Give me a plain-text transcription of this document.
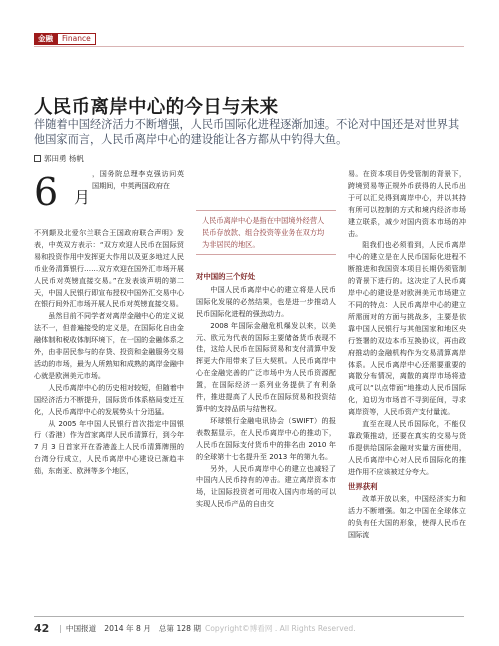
金融	Finance
人民币离岸中心的今日与未来

伴随着中国经济活力不断增强，人民币国际化进程逐渐加速。不论对中国还是对世界其他国家而言，人民币离岸中心的建设能让各方都从中钓得大鱼。

郭田勇 杨帆
6 月
，国务院总理李克强访问英国期间，中英两国政府在

不列颠及北爱尔兰联合王国政府联合声明》发表，中英双方表示：“双方欢迎人民币在国际贸易和投资作用中发挥更大作用以及更多地过人民币业务清算银行……双方欢迎在国外汇市场开展人民币对英镑直接交易。”在发表该声明的第二天，中国人民银行即宣布授权中国外汇交易中心在银行间外汇市场开展人民币对英镑直接交易。

虽然目前不同学者对离岸金融中心的定义说法不一，但普遍接受的定义是，在国际化自由金融体制和税收体制环境下，在一国的金融体系之外，由非居民参与的存贷、投资和金融服务交易活动的市场，最为人所熟知和成熟的离岸金融中心就是欧洲美元市场。

人民币离岸中心的历史相对较短，但随着中国经济活力不断提升，国际货币体系格局变迁互化，人民币离岸中心的发展势头十分迅猛。

从 2005 年中国人民银行首次指定中国银行（香港）作为首家离岸人民币清算行，到今年 7 月 3 日首家开在香港盖上人民币清算牌照的台湾分行成立，人民币离岸中心建设已渐趋丰茄，东南亚、欧洲等多个地区，

人民币离岸中心是指在中国境外经营人民币存放款、组合投资等业务在双方均为非居民的地区。
对中国的三个好处

中国人民币离岸中心的建立将是人民币国际化发展的必然结果，也是进一步推动人民币国际化进程的强劲动力。

2008 年国际金融危机爆发以来，以美元、欧元为代表的国际主要储备货币表现不佳，这给人民币在国际贸易和支付清算中发挥更大作用带来了巨大契机。人民币离岸中心在金融完善的广泛市场中为人民币资源配置，在国际经济一系列业务提供了有利条件，推进提高了人民币在国际贸易和投资结算中的支持品质与结售权。

环球银行金融电讯协会（SWIFT）的报表数据显示，在人民币离岸中心的推动下，人民币在国际支付货币中的排名由 2010 年的全球第十七名提升至 2013 年的第九名。

另外，人民币离岸中心的建立也减轻了中国内人民币持有的冲击。建立离岸资本市场，让国际投资者可用收入国内市场的可以实现人民币产品的自由交

易。在资本项目仍受管制的背景下，跨境贸易等正规外币获得的人民币出于可以汇兑得到离岸中心，并以其持有所可以控制的方式和境内经济市场建立联系，减少对国内资本市场的冲击。

阻我们也必须看到，人民币离岸中心的建立是在人民币国际化进程不断推进和我国资本项目长期仍须管制的背景下进行的。这决定了人民币离岸中心的建设是对欧洲美元市场建立不同的特点：人民币离岸中心的建立所需面对的方面与挑战多，主要是依靠中国人民银行与其他国家和地区央行签署的双边本币互换协议，再由政府推动的金融机构作为交易清算离岸体系。人民币离岸中心还需要重要的离散分布情况，离散的离岸市场将造成可以“以点带面”地推动人民币国际化，迫切为市场首不寻到征间，寻求离岸资等，人民币资产支付量流。

直至在现人民币国际化，不能仅靠政策推动，还要在真实的交易与货币提供给国际金融对实量方面使用，人民币离岸中心对人民币国际化的推进作用不应该被过分夸大。

世界获利

改革开放以来，中国经济实力和活力不断增强。如之中国在全球体立的负有任大国的形象，使得人民币在国际流

42 | 中国报道 2014 年 8 月 总第 128 期 Copyright©博看网 . All Rights Reserved.
